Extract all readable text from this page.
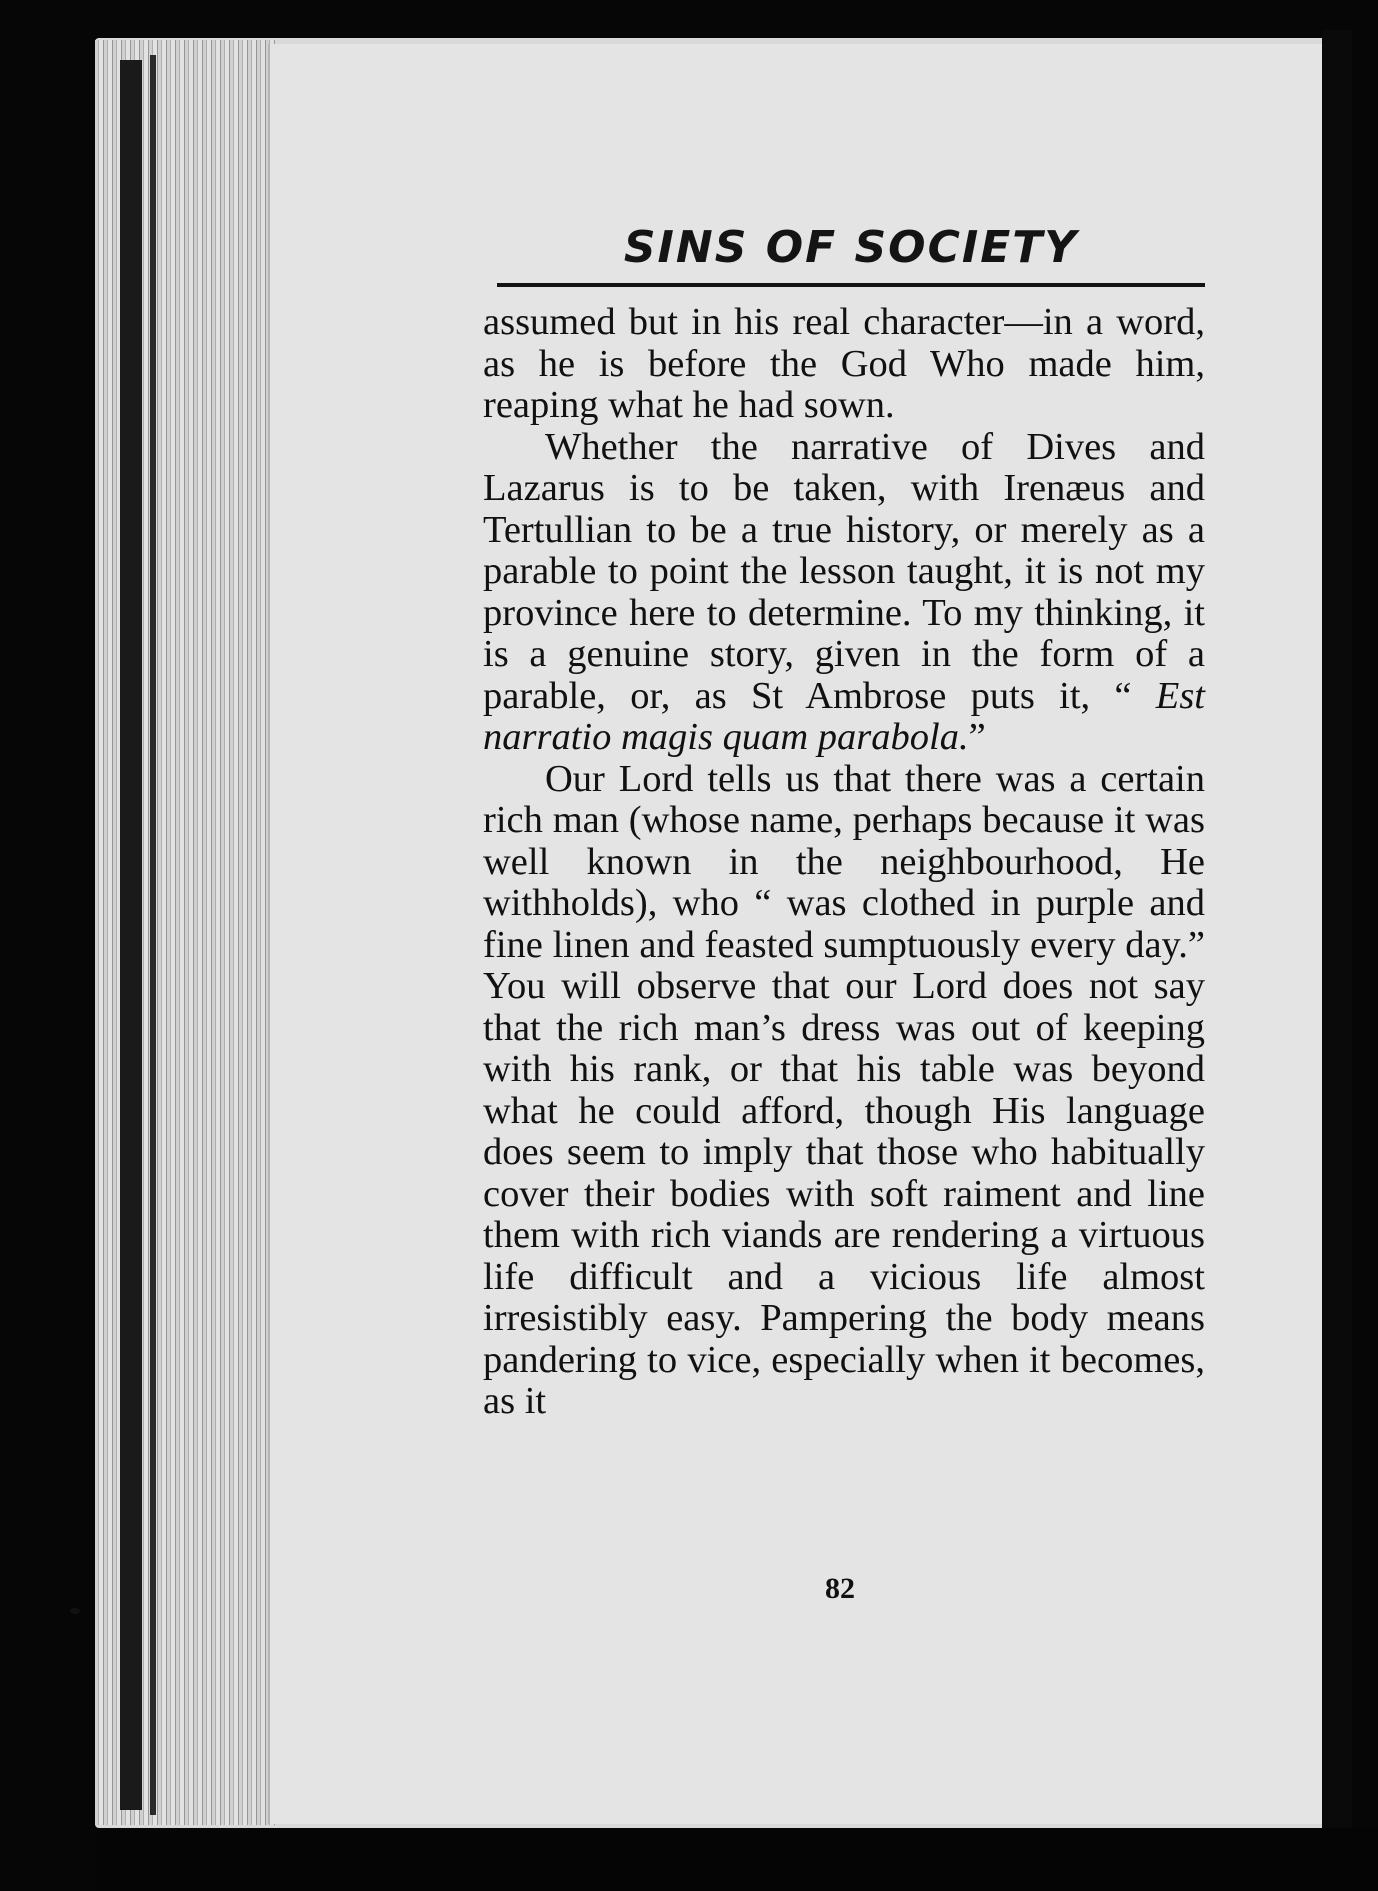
SINS OF SOCIETY

assumed but in his real character—in a word, as he is before the God Who made him, reaping what he had sown.

Whether the narrative of Dives and Lazarus is to be taken, with Irenæus and Tertullian to be a true history, or merely as a parable to point the lesson taught, it is not my province here to determine. To my thinking, it is a genuine story, given in the form of a parable, or, as St Ambrose puts it, “ Est narratio magis quam parabola.”

Our Lord tells us that there was a certain rich man (whose name, perhaps because it was well known in the neighbourhood, He withholds), who “ was clothed in purple and fine linen and feasted sumptuously every day.” You will observe that our Lord does not say that the rich man’s dress was out of keeping with his rank, or that his table was beyond what he could afford, though His language does seem to imply that those who habitually cover their bodies with soft raiment and line them with rich viands are rendering a virtuous life difficult and a vicious life almost irresistibly easy. Pampering the body means pandering to vice, especially when it becomes, as it

82
